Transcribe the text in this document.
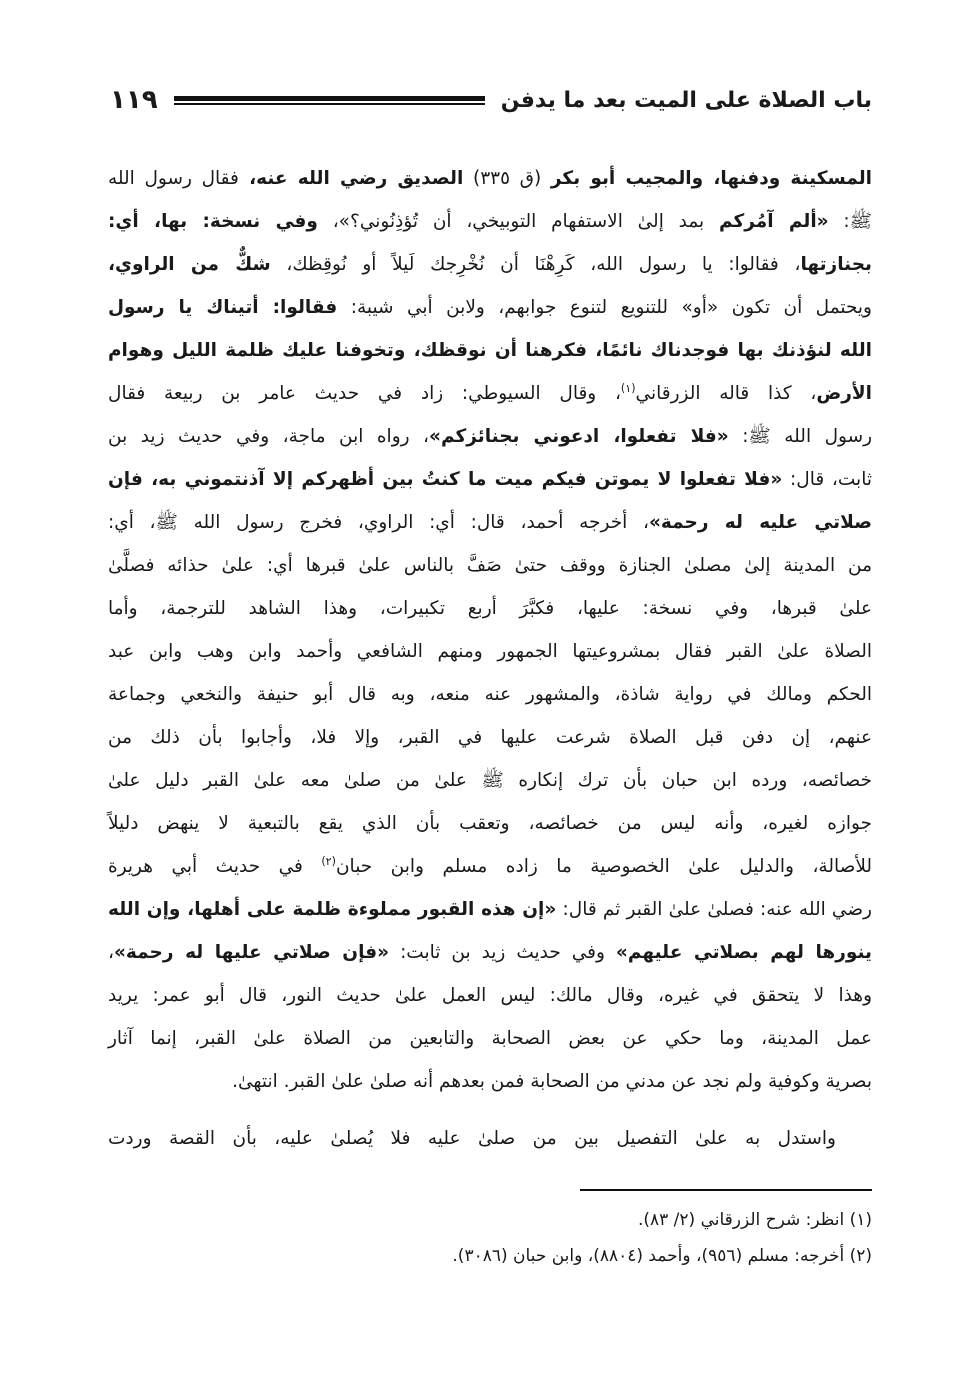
باب الصلاة على الميت بعد ما يدفن
١١٩
المسكينة ودفنها، والمجيب أبو بكر (ق ٣٣٥) الصديق رضي الله عنه، فقال رسول الله
ﷺ: «ألم آمُركم بمد إلىٰ الاستفهام التوبيخي، أن تُؤذِنُوني؟»، وفي نسخة: بها، أي:
بجنازتها، فقالوا: يا رسول الله، كَرِهْنَا أن نُخْرِجك لَيلاً أو نُوقِظك، شكٌّ من الراوي،
ويحتمل أن تكون «أو» للتنويع لتنوع جوابهم، ولابن أبي شيبة: فقالوا: أتيناك يا رسول
الله لنؤذنك بها فوجدناك نائمًا، فكرهنا أن نوقظك، وتخوفنا عليك ظلمة الليل وهوام
الأرض، كذا قاله الزرقاني$^{(١)}$، وقال السيوطي: زاد في حديث عامر بن ربيعة فقال
رسول الله ﷺ: «فلا تفعلوا، ادعوني بجنائزكم»، رواه ابن ماجة، وفي حديث زيد بن
ثابت، قال: «فلا تفعلوا لا يموتن فيكم ميت ما كنتُ بين أظهركم إلا آذنتموني به، فإن
صلاتي عليه له رحمة»، أخرجه أحمد، قال: أي: الراوي، فخرج رسول الله ﷺ، أي:
من المدينة إلىٰ مصلىٰ الجنازة ووقف حتىٰ صَفَّ بالناس علىٰ قبرها أي: علىٰ حذائه فصلَّىٰ
علىٰ قبرها، وفي نسخة: عليها، فكبَّرَ أربع تكبيرات، وهذا الشاهد للترجمة، وأما
الصلاة علىٰ القبر فقال بمشروعيتها الجمهور ومنهم الشافعي وأحمد وابن وهب وابن عبد
الحكم ومالك في رواية شاذة، والمشهور عنه منعه، وبه قال أبو حنيفة والنخعي وجماعة
عنهم، إن دفن قبل الصلاة شرعت عليها في القبر، وإلا فلا، وأجابوا بأن ذلك من
خصائصه، ورده ابن حبان بأن ترك إنكاره ﷺ علىٰ من صلىٰ معه علىٰ القبر دليل علىٰ
جوازه لغيره، وأنه ليس من خصائصه، وتعقب بأن الذي يقع بالتبعية لا ينهض دليلاً
للأصالة، والدليل علىٰ الخصوصية ما زاده مسلم وابن حبان$^{(٢)}$ في حديث أبي هريرة
رضي الله عنه: فصلىٰ علىٰ القبر ثم قال: «إن هذه القبور مملوءة ظلمة على أهلها، وإن الله
ينورها لهم بصلاتي عليهم» وفي حديث زيد بن ثابت: «فإن صلاتي عليها له رحمة»،
وهذا لا يتحقق في غيره، وقال مالك: ليس العمل علىٰ حديث النور، قال أبو عمر: يريد
عمل المدينة، وما حكي عن بعض الصحابة والتابعين من الصلاة علىٰ القبر، إنما آثار
بصرية وكوفية ولم نجد عن مدني من الصحابة فمن بعدهم أنه صلىٰ علىٰ القبر. انتهىٰ.
واستدل به علىٰ التفصيل بين من صلىٰ عليه فلا يُصلىٰ عليه، بأن القصة وردت
(١) انظر: شرح الزرقاني (٢/ ٨٣).
(٢) أخرجه: مسلم (٩٥٦)، وأحمد (٨٨٠٤)، وابن حبان (٣٠٨٦).
